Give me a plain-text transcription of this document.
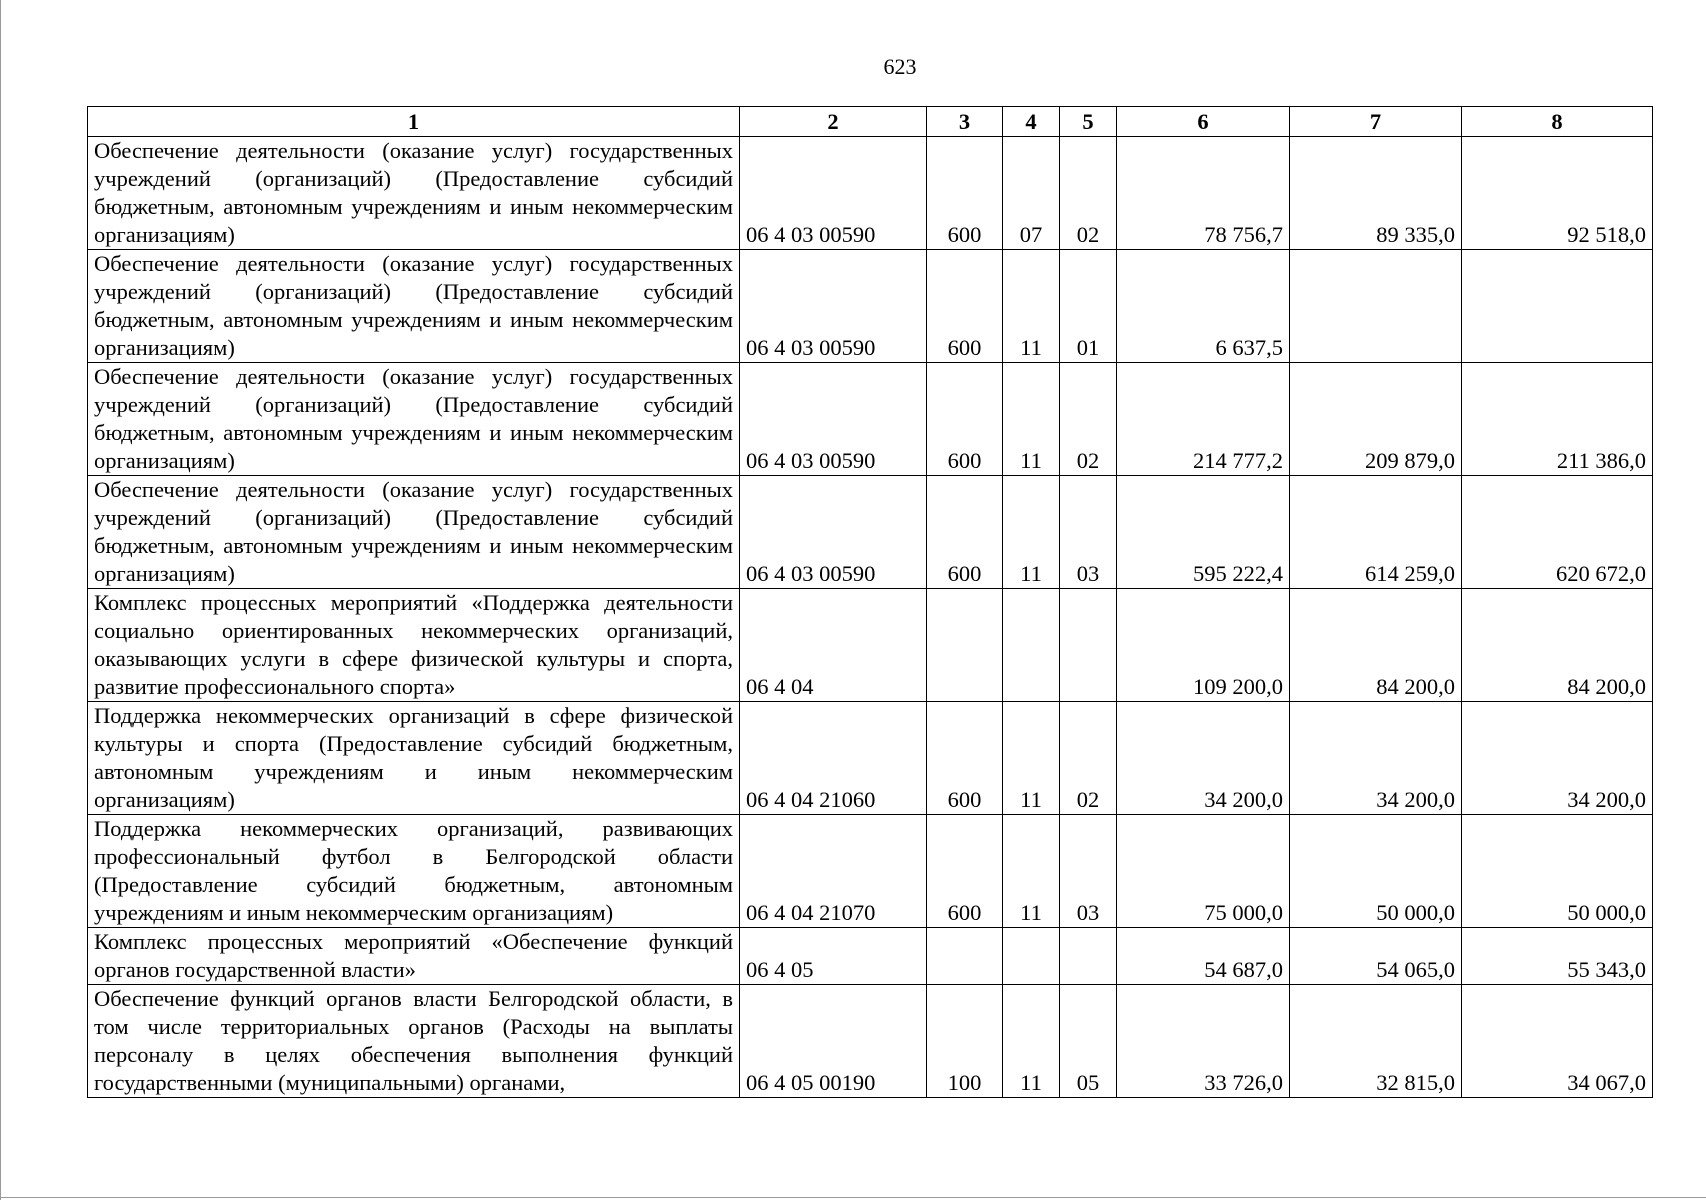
623
1	2	3	4	5	6	7	8
Обеспечение деятельности (оказание услуг) государственных учреждений (организаций) (Предоставление субсидий бюджетным, автономным учреждениям и иным некоммерческим организациям)	06 4 03 00590	600	07	02	78 756,7	89 335,0	92 518,0
Обеспечение деятельности (оказание услуг) государственных учреждений (организаций) (Предоставление субсидий бюджетным, автономным учреждениям и иным некоммерческим организациям)	06 4 03 00590	600	11	01	6 637,5		
Обеспечение деятельности (оказание услуг) государственных учреждений (организаций) (Предоставление субсидий бюджетным, автономным учреждениям и иным некоммерческим организациям)	06 4 03 00590	600	11	02	214 777,2	209 879,0	211 386,0
Обеспечение деятельности (оказание услуг) государственных учреждений (организаций) (Предоставление субсидий бюджетным, автономным учреждениям и иным некоммерческим организациям)	06 4 03 00590	600	11	03	595 222,4	614 259,0	620 672,0
Комплекс процессных мероприятий «Поддержка деятельности социально ориентированных некоммерческих организаций, оказывающих услуги в сфере физической культуры и спорта, развитие профессионального спорта»	06 4 04				109 200,0	84 200,0	84 200,0
Поддержка некоммерческих организаций в сфере физической культуры и спорта (Предоставление субсидий бюджетным, автономным учреждениям и иным некоммерческим организациям)	06 4 04 21060	600	11	02	34 200,0	34 200,0	34 200,0
Поддержка некоммерческих организаций, развивающих профессиональный футбол в Белгородской области (Предоставление субсидий бюджетным, автономным учреждениям и иным некоммерческим организациям)	06 4 04 21070	600	11	03	75 000,0	50 000,0	50 000,0
Комплекс процессных мероприятий «Обеспечение функций органов государственной власти»	06 4 05				54 687,0	54 065,0	55 343,0
Обеспечение функций органов власти Белгородской области, в том числе территориальных органов (Расходы на выплаты персоналу в целях обеспечения выполнения функций государственными (муниципальными) органами,	06 4 05 00190	100	11	05	33 726,0	32 815,0	34 067,0
